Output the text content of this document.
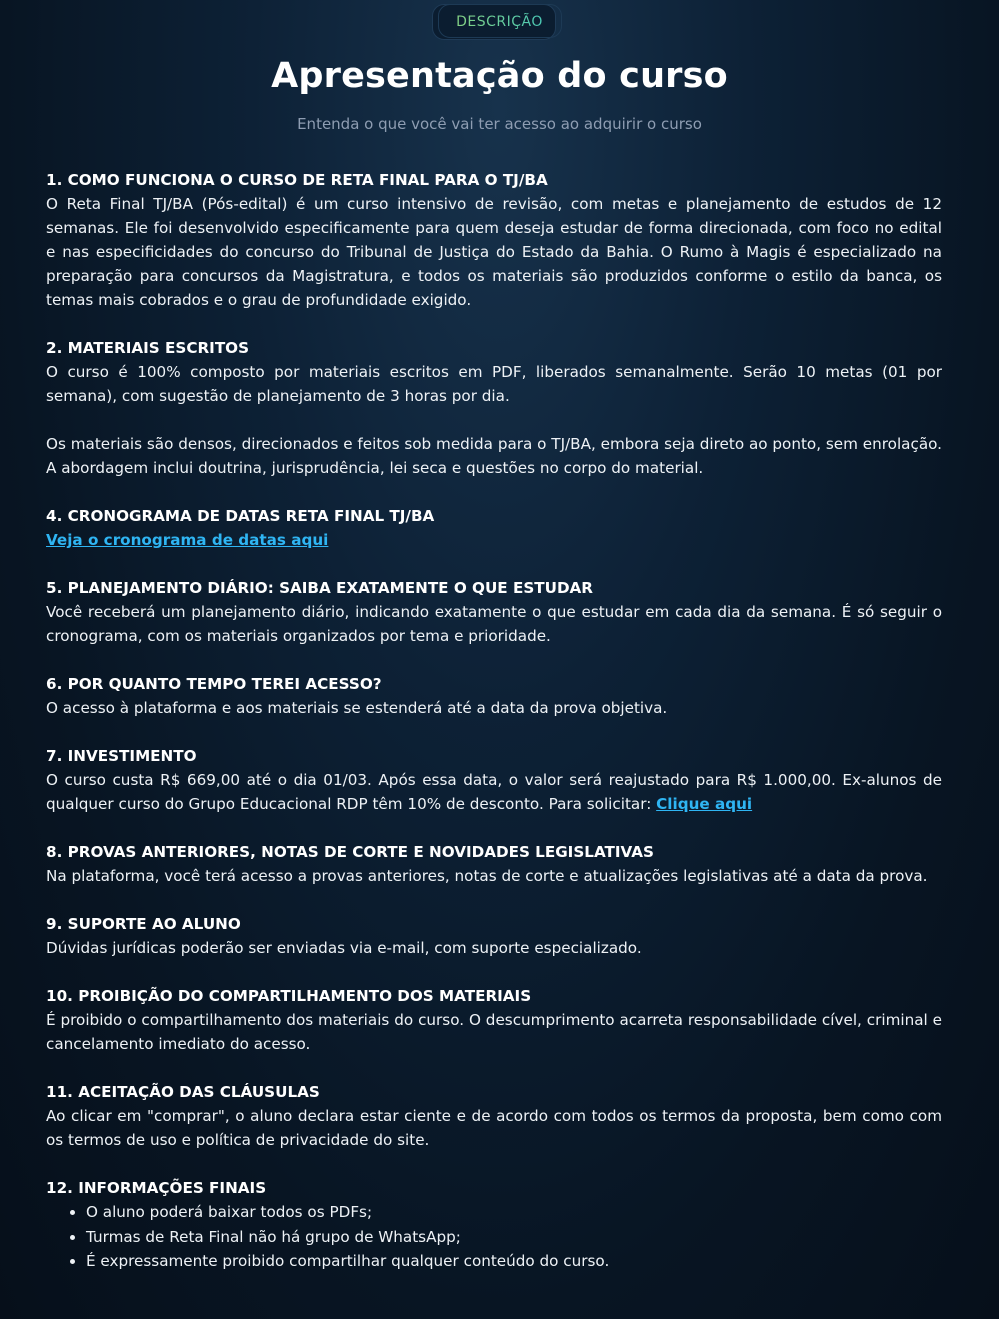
DESCRIÇÃO
Apresentação do curso

Entenda o que você vai ter acesso ao adquirir o curso

1. COMO FUNCIONA O CURSO DE RETA FINAL PARA O TJ/BA

O Reta Final TJ/BA (Pós-edital) é um curso intensivo de revisão, com metas e planejamento de estudos de 12 semanas. Ele foi desenvolvido especificamente para quem deseja estudar de forma direcionada, com foco no edital e nas especificidades do concurso do Tribunal de Justiça do Estado da Bahia. O Rumo à Magis é especializado na preparação para concursos da Magistratura, e todos os materiais são produzidos conforme o estilo da banca, os temas mais cobrados e o grau de profundidade exigido.

2. MATERIAIS ESCRITOS

O curso é 100% composto por materiais escritos em PDF, liberados semanalmente. Serão 10 metas (01 por semana), com sugestão de planejamento de 3 horas por dia.

Os materiais são densos, direcionados e feitos sob medida para o TJ/BA, embora seja direto ao ponto, sem enrolação. A abordagem inclui doutrina, jurisprudência, lei seca e questões no corpo do material.

4. CRONOGRAMA DE DATAS RETA FINAL TJ/BA

Veja o cronograma de datas aqui

5. PLANEJAMENTO DIÁRIO: SAIBA EXATAMENTE O QUE ESTUDAR

Você receberá um planejamento diário, indicando exatamente o que estudar em cada dia da semana. É só seguir o cronograma, com os materiais organizados por tema e prioridade.

6. POR QUANTO TEMPO TEREI ACESSO?

O acesso à plataforma e aos materiais se estenderá até a data da prova objetiva.

7. INVESTIMENTO

O curso custa R$ 669,00 até o dia 01/03. Após essa data, o valor será reajustado para R$ 1.000,00. Ex-alunos de qualquer curso do Grupo Educacional RDP têm 10% de desconto. Para solicitar: Clique aqui

8. PROVAS ANTERIORES, NOTAS DE CORTE E NOVIDADES LEGISLATIVAS

Na plataforma, você terá acesso a provas anteriores, notas de corte e atualizações legislativas até a data da prova.

9. SUPORTE AO ALUNO

Dúvidas jurídicas poderão ser enviadas via e-mail, com suporte especializado.

10. PROIBIÇÃO DO COMPARTILHAMENTO DOS MATERIAIS

É proibido o compartilhamento dos materiais do curso. O descumprimento acarreta responsabilidade cível, criminal e cancelamento imediato do acesso.

11. ACEITAÇÃO DAS CLÁUSULAS

Ao clicar em "comprar", o aluno declara estar ciente e de acordo com todos os termos da proposta, bem como com os termos de uso e política de privacidade do site.

12. INFORMAÇÕES FINAIS
• O aluno poderá baixar todos os PDFs;
• Turmas de Reta Final não há grupo de WhatsApp;
• É expressamente proibido compartilhar qualquer conteúdo do curso.
